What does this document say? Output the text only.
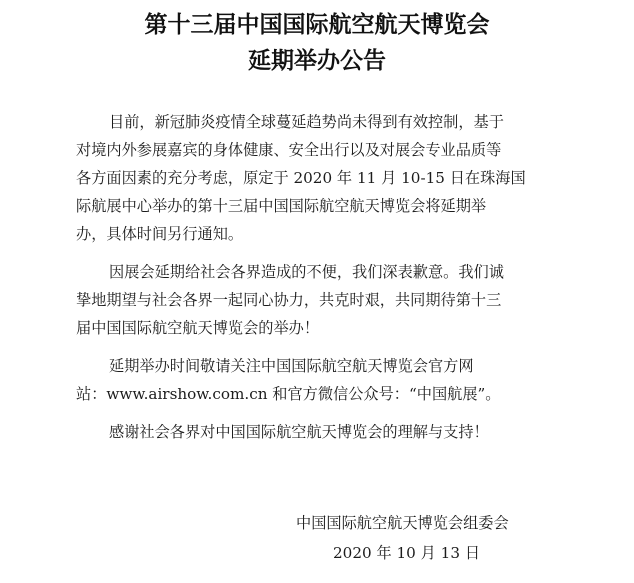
第十三届中国国际航空航天博览会
延期举办公告
目前，新冠肺炎疫情全球蔓延趋势尚未得到有效控制，基于
对境内外参展嘉宾的身体健康、安全出行以及对展会专业品质等
各方面因素的充分考虑，原定于 2020 年 11 月 10-15 日在珠海国
际航展中心举办的第十三届中国国际航空航天博览会将延期举
办，具体时间另行通知。
因展会延期给社会各界造成的不便，我们深表歉意。我们诚
挚地期望与社会各界一起同心协力，共克时艰，共同期待第十三
届中国国际航空航天博览会的举办！
延期举办时间敬请关注中国国际航空航天博览会官方网
站：www.airshow.com.cn 和官方微信公众号：“中国航展”。
感谢社会各界对中国国际航空航天博览会的理解与支持！
中国国际航空航天博览会组委会
2020 年 10 月 13 日
